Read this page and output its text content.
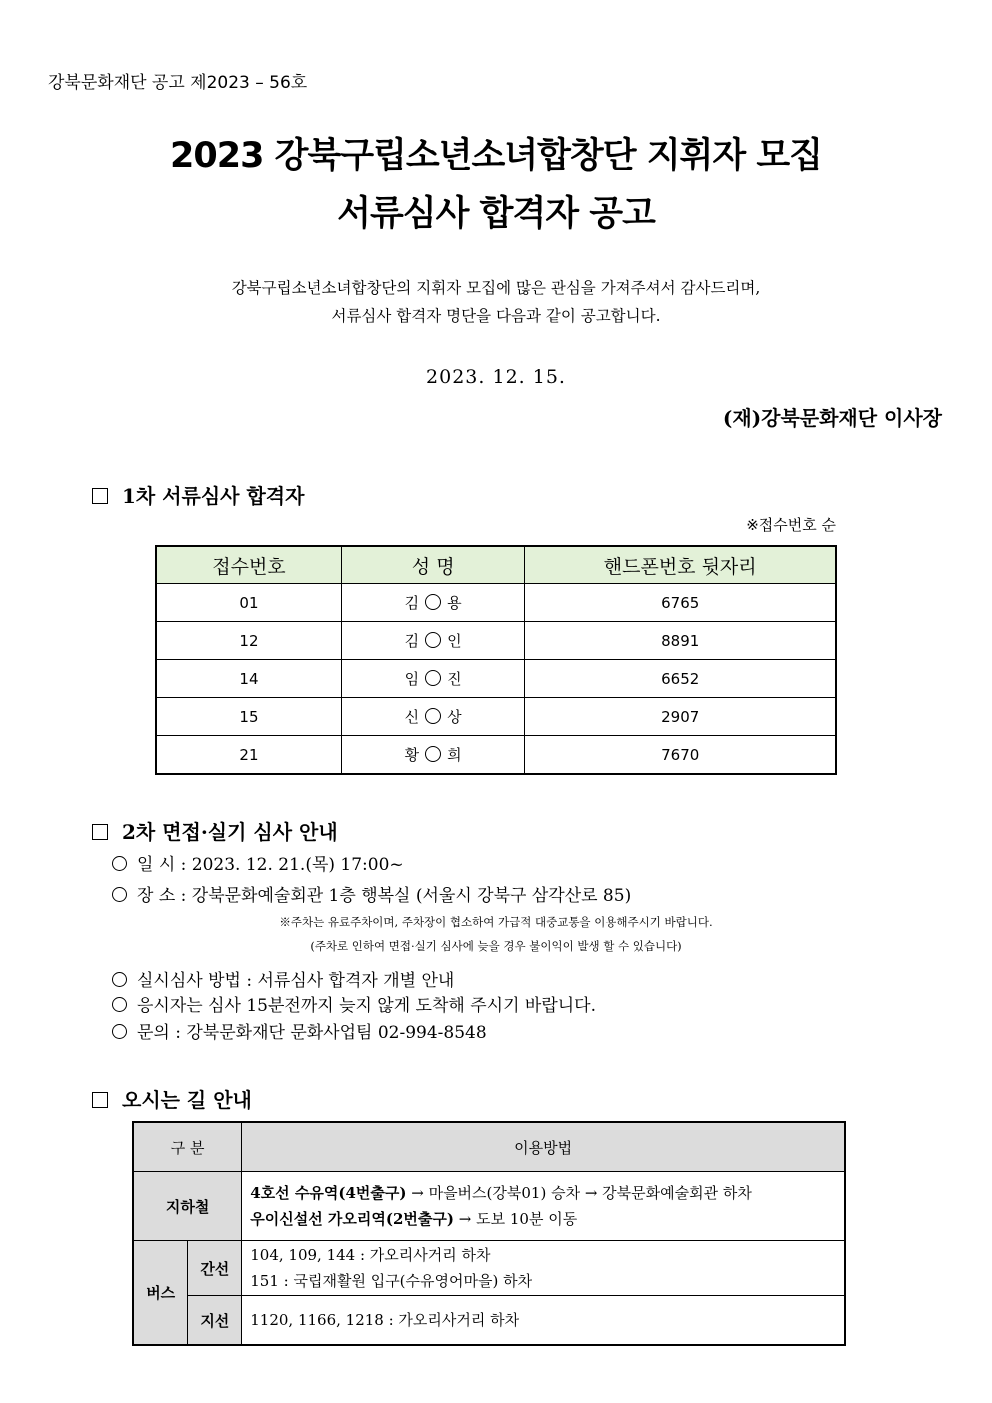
강북문화재단 공고 제2023 – 56호
2023 강북구립소년소녀합창단 지휘자 모집
서류심사 합격자 공고
강북구립소년소녀합창단의 지휘자 모집에 많은 관심을 가져주셔서 감사드리며,
서류심사 합격자 명단을 다음과 같이 공고합니다.
2023. 12. 15.
(재)강북문화재단 이사장
1차 서류심사 합격자
※접수번호 순
접수번호	성 명	핸드폰번호 뒷자리
01	김 용	6765
12	김 인	8891
14	임 진	6652
15	신 상	2907
21	황 희	7670
2차 면접·실기 심사 안내
일 시 : 2023. 12. 21.(목) 17:00~
장 소 : 강북문화예술회관 1층 행복실 (서울시 강북구 삼각산로 85)
※주차는 유료주차이며, 주차장이 협소하여 가급적 대중교통을 이용해주시기 바랍니다.
(주차로 인하여 면접·실기 심사에 늦을 경우 불이익이 발생 할 수 있습니다)
실시심사 방법 : 서류심사 합격자 개별 안내
응시자는 심사 15분전까지 늦지 않게 도착해 주시기 바랍니다.
문의 : 강북문화재단 문화사업팀 02-994-8548
오시는 길 안내
구 분		이용방법
지하철		4호선 수유역(4번출구) → 마을버스(강북01) 승차 → 강북문화예술회관 하차
우이신설선 가오리역(2번출구) → 도보 10분 이동

버스	간선	104, 109, 144 : 가오리사거리 하차
151 : 국립재활원 입구(수유영어마을) 하차

	지선	1120, 1166, 1218 : 가오리사거리 하차
